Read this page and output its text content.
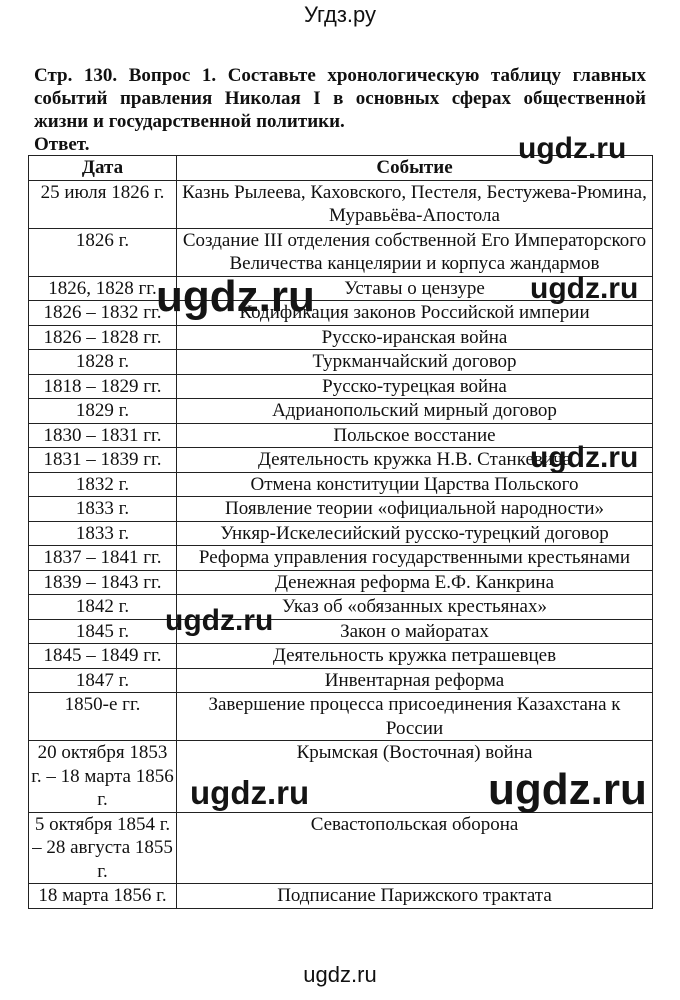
Угдз.ру
Стр. 130. Вопрос 1. Составьте хронологическую таблицу главных
событий правления Николая I в основных сферах общественной
жизни и государственной политики.
Ответ.
Дата	Событие
25 июля 1826 г.	Казнь Рылеева, Каховского, Пестеля, Бестужева-Рюмина, Муравьёва-Апостола
1826 г.	Создание III отделения собственной Его Императорского Величества канцелярии и корпуса жандармов
1826, 1828 гг.	Уставы о цензуре
1826 – 1832 гг.	Кодификация законов Российской империи
1826 – 1828 гг.	Русско-иранская война
1828 г.	Туркманчайский договор
1818 – 1829 гг.	Русско-турецкая война
1829 г.	Адрианопольский мирный договор
1830 – 1831 гг.	Польское восстание
1831 – 1839 гг.	Деятельность кружка Н.В. Станкевича
1832 г.	Отмена конституции Царства Польского
1833 г.	Появление теории «официальной народности»
1833 г.	Ункяр-Искелесийский русско-турецкий договор
1837 – 1841 гг.	Реформа управления государственными крестьянами
1839 – 1843 гг.	Денежная реформа Е.Ф. Канкрина
1842 г.	Указ об «обязанных крестьянах»
1845 г.	Закон о майоратах
1845 – 1849 гг.	Деятельность кружка петрашевцев
1847 г.	Инвентарная реформа
1850-е гг.	Завершение процесса присоединения Казахстана к России
20 октября 1853 г. – 18 марта 1856 г.	Крымская (Восточная) война
5 октября 1854 г. – 28 августа 1855 г.	Севастопольская оборона
18 марта 1856 г.	Подписание Парижского трактата
ugdz.ru
ugdz.ru	ugdz.ru
ugdz.ru
ugdz.ru
ugdz.ru	ugdz.ru
ugdz.ru
